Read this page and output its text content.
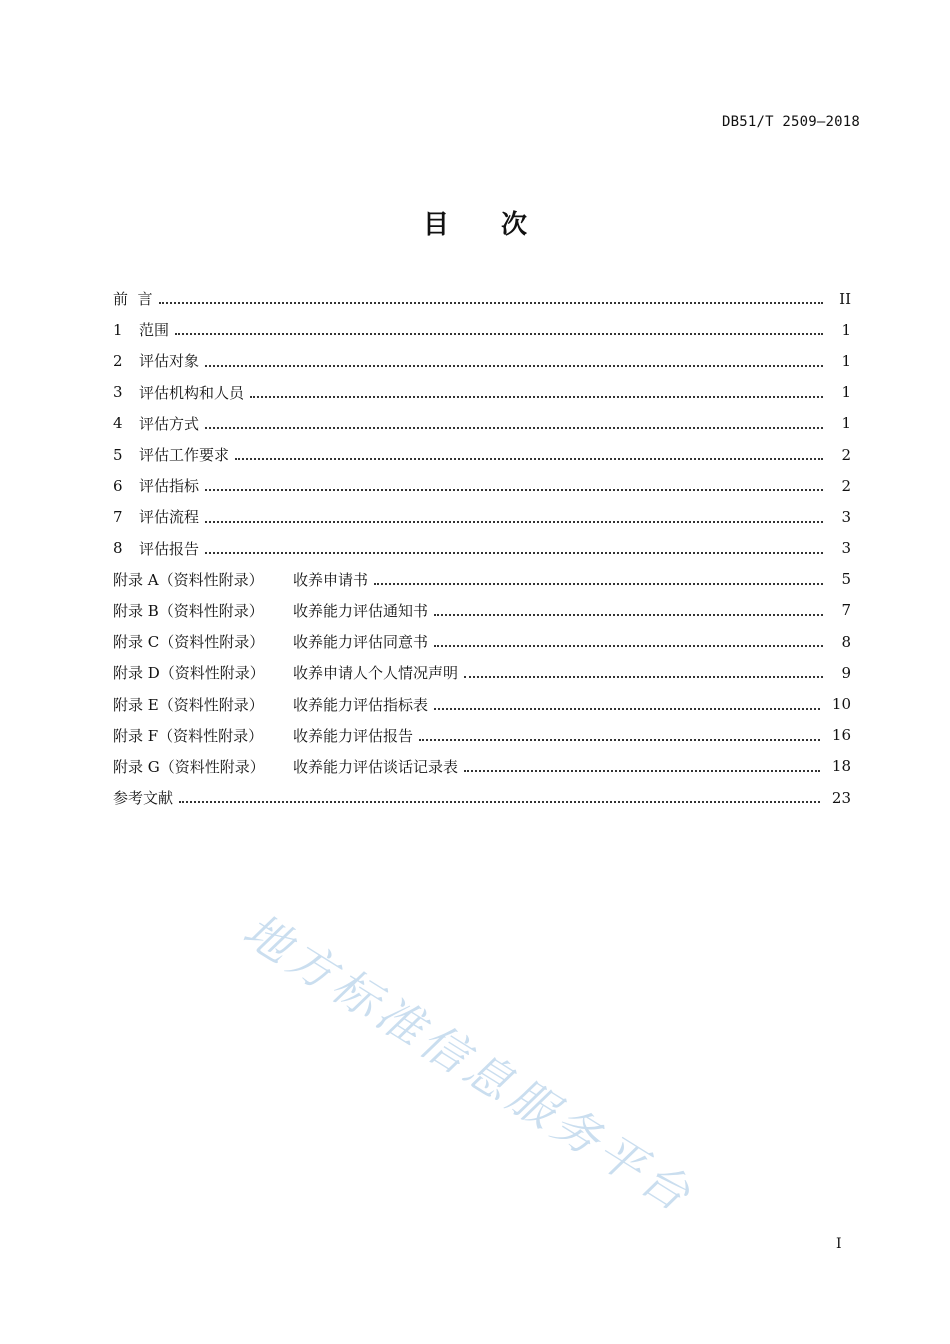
DB51/T 2509—2018
目 次
前  言	II
1	范围	1
2	评估对象	1
3	评估机构和人员	1
4	评估方式	1
5	评估工作要求	2
6	评估指标	2
7	评估流程	3
8	评估报告	3
附录 A（资料性附录）	收养申请书	5
附录 B（资料性附录）	收养能力评估通知书	7
附录 C（资料性附录）	收养能力评估同意书	8
附录 D（资料性附录）	收养申请人个人情况声明	9
附录 E（资料性附录）	收养能力评估指标表	10
附录 F（资料性附录）	收养能力评估报告	16
附录 G（资料性附录）	收养能力评估谈话记录表	18
参考文献	23
I
地方标准信息服务平台
